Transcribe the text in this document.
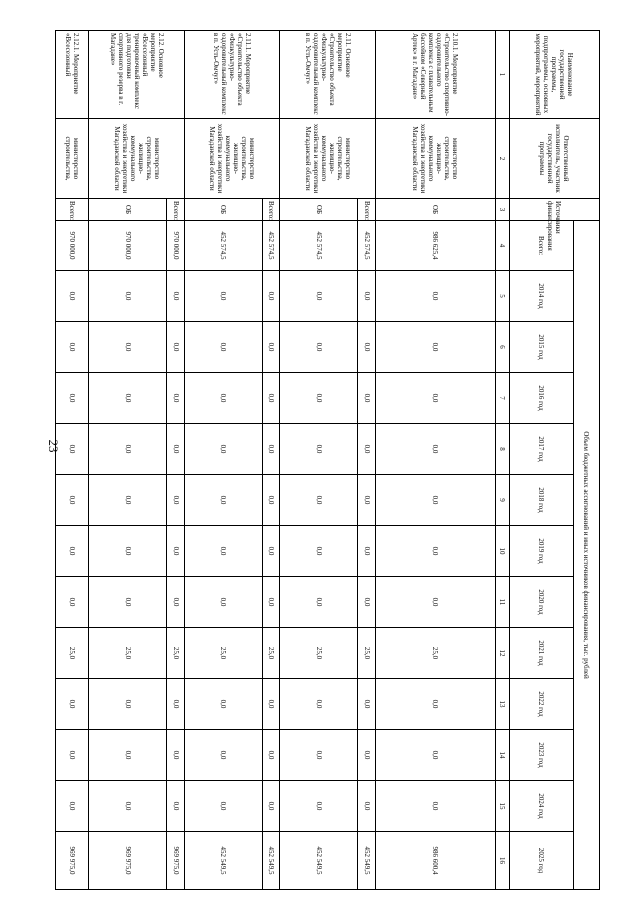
23
Наименование государственной программы, подпрограммы, основных мероприятий, мероприятий	Ответственный исполнитель, участник государственной программы	Источники финансирования	Объем бюджетных ассигнований и иных источников финансирования, тыс. рублей												
			Всего:	2014 год	2015 год	2016 год	2017 год	2018 год	2019 год	2020 год	2021 год	2022 год	2023 год	2024 год	2025 год
1	2	3	4	5	6	7	8	9	10	11	12	13	14	15	16
2.10.1. Мероприятие «Строительство спортивно-оздоровительного комплекса с плавательным бассейном «Северный Артек» в г. Магадане»	министерство строительства, жилищно-коммунального хозяйства и энергетики Магаданской области	ОБ	986 625,4	0,0	0,0	0,0	0,0	0,0	0,0	0,0	25,0	0,0	0,0	0,0	986 600,4
2.11. Основное мероприятие «Строительство объекта «Физкультурно-оздоровительный комплекс в п. Усть-Омчуг»	министерство строительства, жилищно-коммунального хозяйства и энергетики Магаданской области	Всего:	452 574,5	0,0	0,0	0,0	0,0	0,0	0,0	0,0	25,0	0,0	0,0	0,0	452 549,5
		ОБ	452 574,5	0,0	0,0	0,0	0,0	0,0	0,0	0,0	25,0	0,0	0,0	0,0	452 549,5
2.11.1. Мероприятие «Строительство объекта «Физкультурно-оздоровительный комплекс в п. Усть-Омчуг»	министерство строительства, жилищно-коммунального хозяйства и энергетики Магаданской области	Всего:	452 574,5	0,0	0,0	0,0	0,0	0,0	0,0	0,0	25,0	0,0	0,0	0,0	452 549,5
		ОБ	452 574,5	0,0	0,0	0,0	0,0	0,0	0,0	0,0	25,0	0,0	0,0	0,0	452 549,5
2.12. Основное мероприятие «Всесезонный тренировочный комплекс для подготовки спортивного резерва в г. Магадане»	министерство строительства, жилищно-коммунального хозяйства и энергетики Магаданской области	Всего:	970 000,0	0,0	0,0	0,0	0,0	0,0	0,0	0,0	25,0	0,0	0,0	0,0	969 975,0
		ОБ	970 000,0	0,0	0,0	0,0	0,0	0,0	0,0	0,0	25,0	0,0	0,0	0,0	969 975,0
2.12.1. Мероприятие «Всесезонный	министерство строительства,	Всего:	970 000,0	0,0	0,0	0,0	0,0	0,0	0,0	0,0	25,0	0,0	0,0	0,0	969 975,0
